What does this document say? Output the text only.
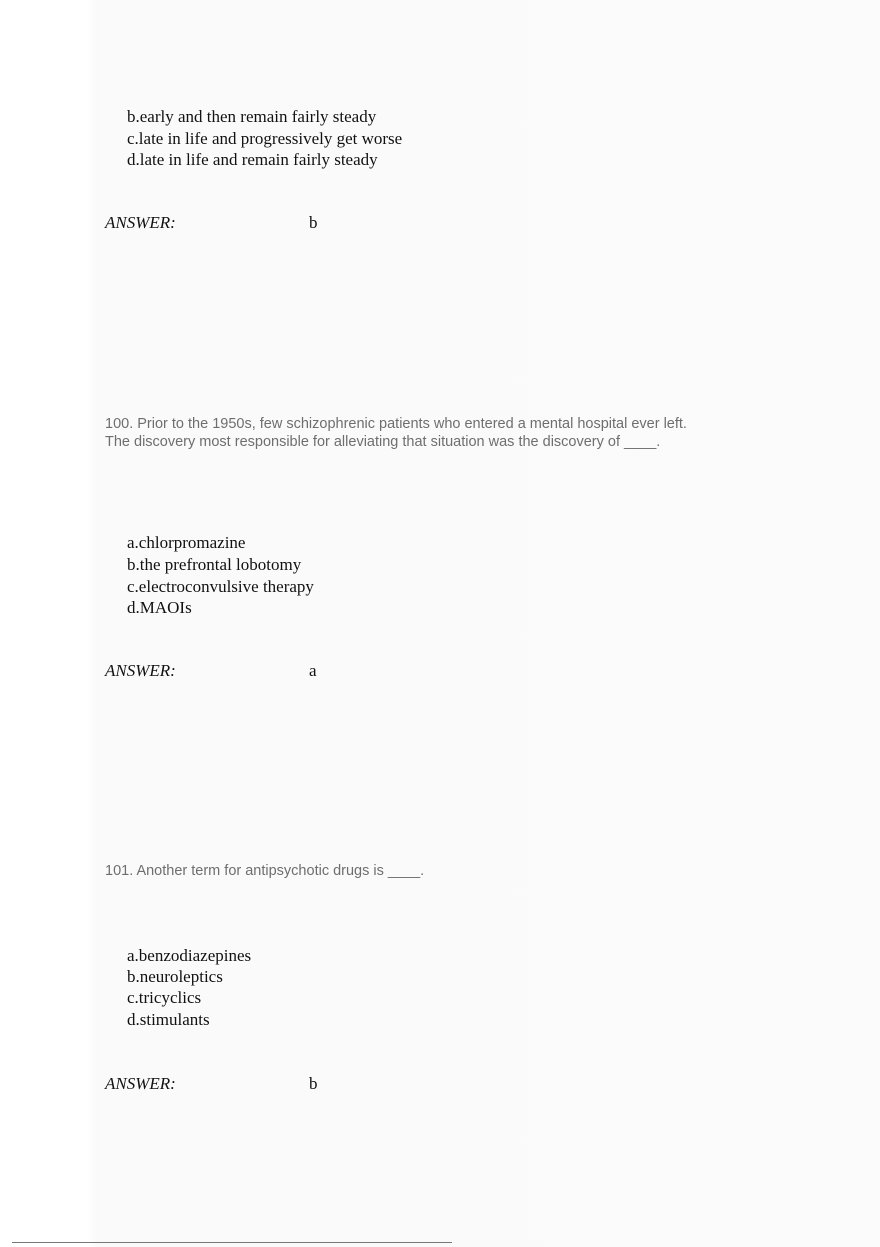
b.early and then remain fairly steady
c.late in life and progressively get worse
d.late in life and remain fairly steady
ANSWER:	b
100. Prior to the 1950s, few schizophrenic patients who entered a mental hospital ever left. The discovery most responsible for alleviating that situation was the discovery of ____.
a.chlorpromazine
b.the prefrontal lobotomy
c.electroconvulsive therapy
d.MAOIs
ANSWER:	a
101. Another term for antipsychotic drugs is ____.
a.benzodiazepines
b.neuroleptics
c.tricyclics
d.stimulants
ANSWER:	b
